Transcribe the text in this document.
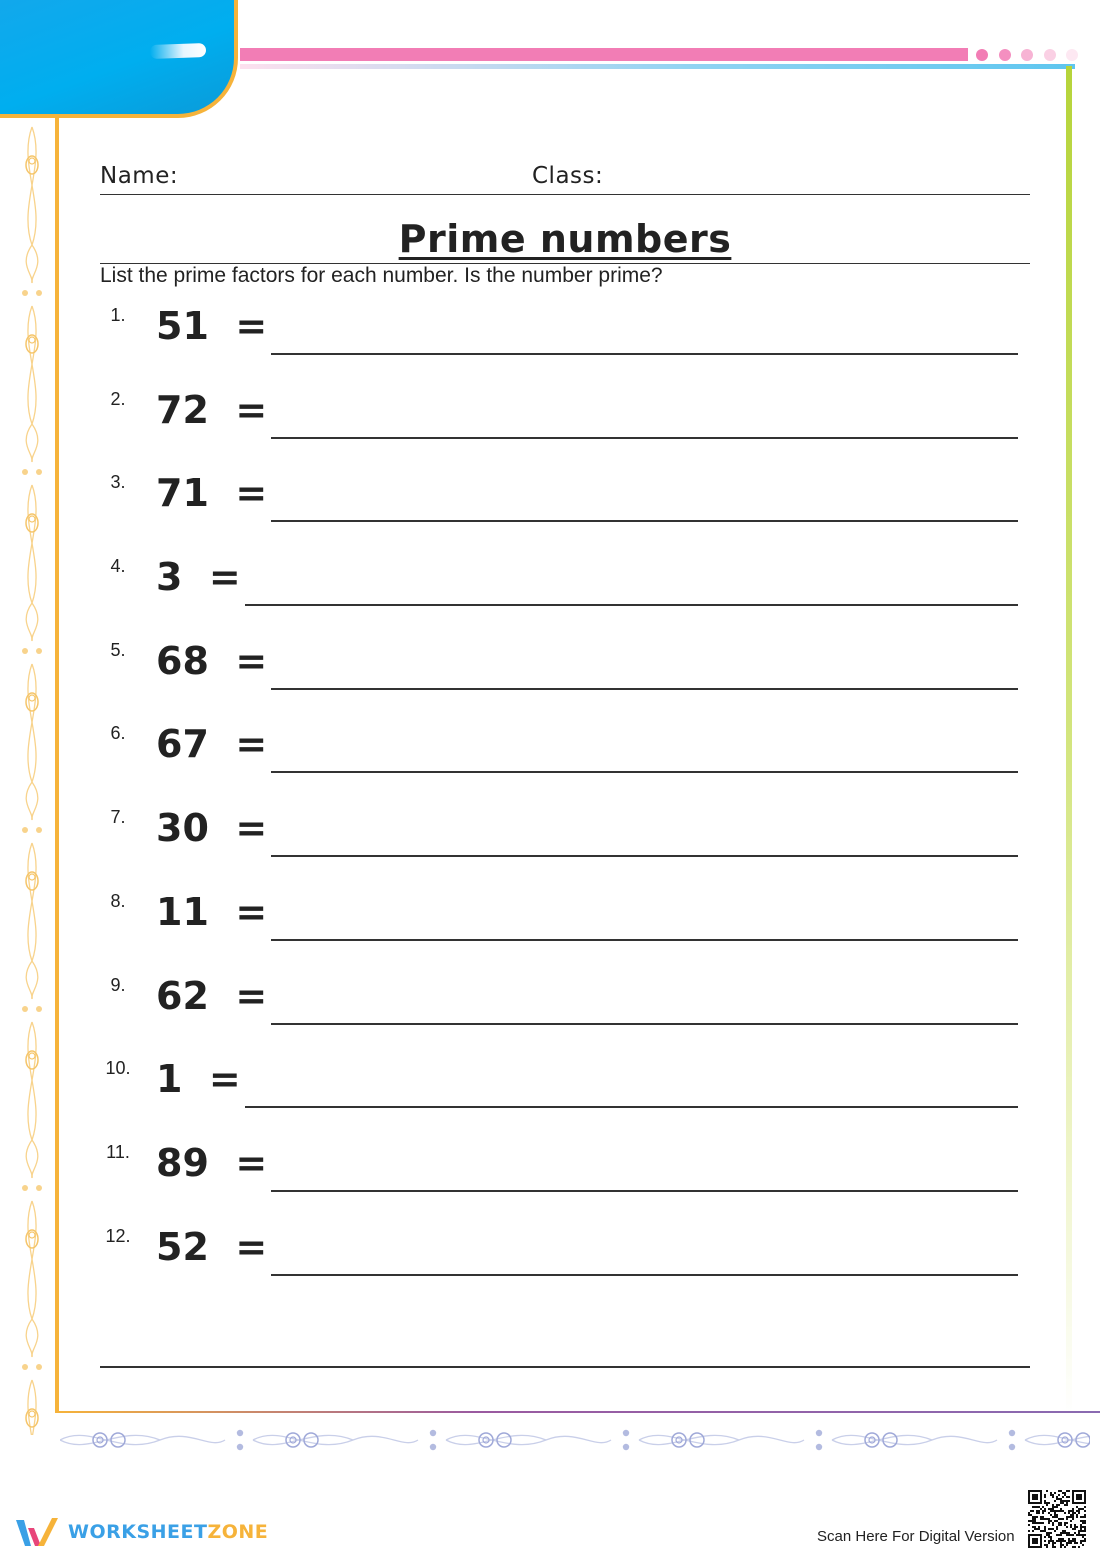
Name:	Class:
Prime numbers
List the prime factors for each number. Is the number prime?
1. 51  =
2. 72  =
3. 71  =
4. 3  =
5. 68  =
6. 67  =
7. 30  =
8. 11  =
9. 62  =
10. 1  =
11. 89  =
12. 52  =
WORKSHEETZONE	Scan Here For Digital Version
